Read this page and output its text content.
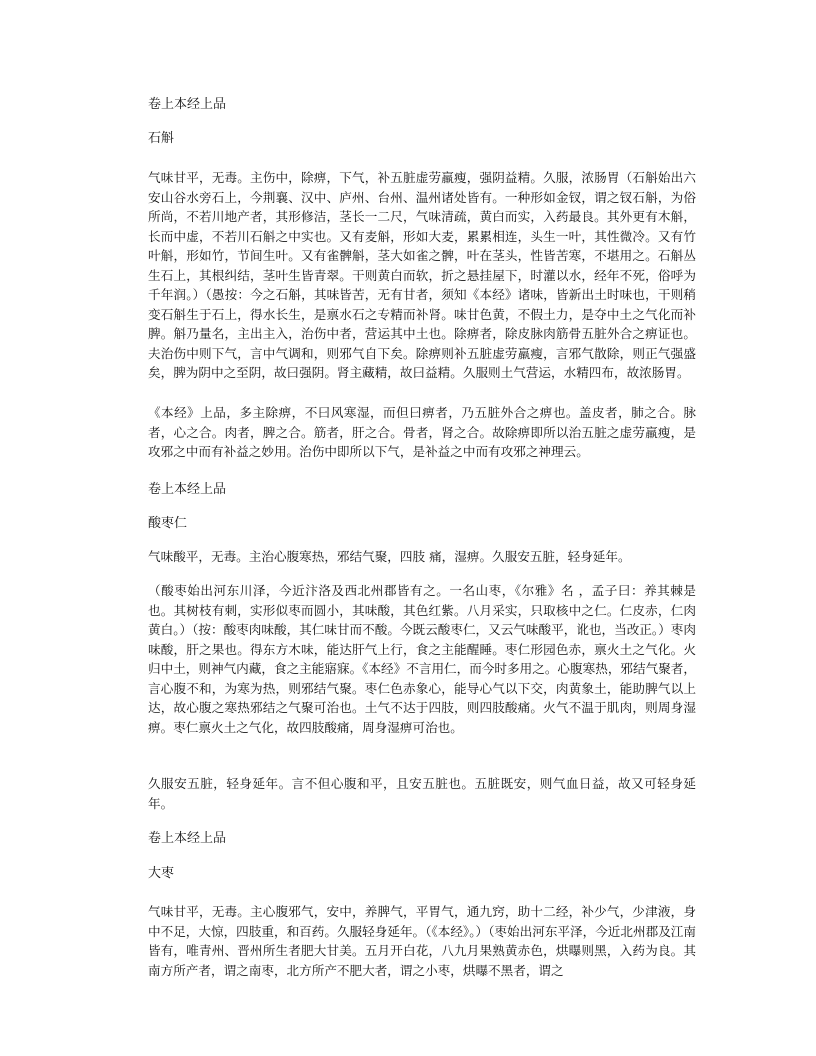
卷上本经上品
石斛

气味甘平，无毒。主伤中，除痹，下气，补五脏虚劳羸瘦，强阴益精。久服，浓肠胃（石斛始出六安山谷水旁石上，今荆襄、汉中、庐州、台州、温州诸处皆有。一种形如金钗，谓之钗石斛，为俗所尚，不若川地产者，其形修洁，茎长一二尺，气味清疏，黄白而实，入药最良。其外更有木斛，长而中虚，不若川石斛之中实也。又有麦斛，形如大麦，累累相连，头生一叶，其性微冷。又有竹叶斛，形如竹，节间生叶。又有雀髀斛，茎大如雀之髀，叶在茎头，性皆苦寒，不堪用之。石斛丛生石上，其根纠结，茎叶生皆青翠。干则黄白而软，折之悬挂屋下，时灌以水，经年不死，俗呼为千年润。）（愚按：今之石斛，其味皆苦，无有甘者，须知《本经》诸味，皆新出土时味也，干则稍变石斛生于石上，得水长生，是禀水石之专精而补肾。味甘色黄，不假土力，是夺中土之气化而补脾。斛乃量名，主出主入，治伤中者，营运其中土也。除痹者，除皮脉肉筋骨五脏外合之痹证也。夫治伤中则下气，言中气调和，则邪气自下矣。除痹则补五脏虚劳羸瘦，言邪气散除，则正气强盛矣，脾为阴中之至阴，故曰强阴。肾主藏精，故曰益精。久服则土气营运，水精四布，故浓肠胃。

《本经》上品，多主除痹，不曰风寒湿，而但曰痹者，乃五脏外合之痹也。盖皮者，肺之合。脉者，心之合。肉者，脾之合。筋者，肝之合。骨者，肾之合。故除痹即所以治五脏之虚劳羸瘦，是攻邪之中而有补益之妙用。治伤中即所以下气，是补益之中而有攻邪之神理云。

卷上本经上品
酸枣仁

气味酸平，无毒。主治心腹寒热，邪结气聚，四肢 痛，湿痹。久服安五脏，轻身延年。

（酸枣始出河东川泽，今近汴洛及西北州郡皆有之。一名山枣，《尔雅》名 ，孟子曰：养其棘是也。其树枝有刺，实形似枣而圆小，其味酸，其色红紫。八月采实，只取核中之仁。仁皮赤，仁肉黄白。）（按：酸枣肉味酸，其仁味甘而不酸。今既云酸枣仁，又云气味酸平，讹也，当改正。）枣肉味酸，肝之果也。得东方木味，能达肝气上行，食之主能醒睡。枣仁形园色赤，禀火土之气化。火归中土，则神气内藏，食之主能寤寐。《本经》不言用仁，而今时多用之。心腹寒热，邪结气聚者，言心腹不和，为寒为热，则邪结气聚。枣仁色赤象心，能导心气以下交，肉黄象土，能助脾气以上达，故心腹之寒热邪结之气聚可治也。土气不达于四肢，则四肢酸痛。火气不温于肌肉，则周身湿痹。枣仁禀火土之气化，故四肢酸痛，周身湿痹可治也。

久服安五脏，轻身延年。言不但心腹和平，且安五脏也。五脏既安，则气血日益，故又可轻身延年。

卷上本经上品
大枣

气味甘平，无毒。主心腹邪气，安中，养脾气，平胃气，通九窍，助十二经，补少气，少津液，身中不足，大惊，四肢重，和百药。久服轻身延年。（《本经》。）（枣始出河东平泽，今近北州郡及江南皆有，唯青州、晋州所生者肥大甘美。五月开白花，八九月果熟黄赤色，烘曝则黑，入药为良。其南方所产者，谓之南枣，北方所产不肥大者，谓之小枣，烘曝不黑者，谓之
